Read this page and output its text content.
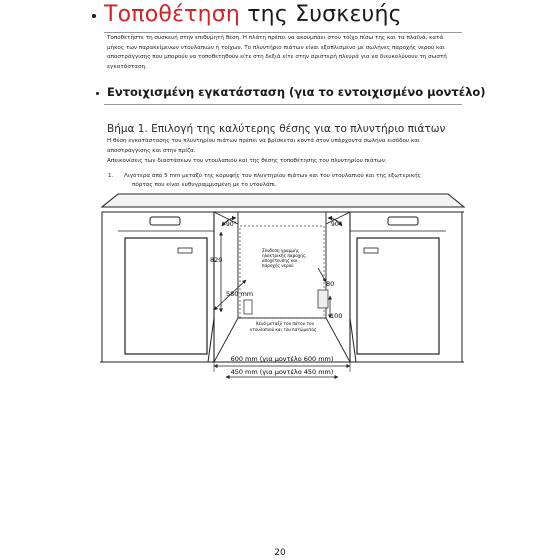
Τοποθέτηση της Συσκευής
Τοποθετήστε τη συσκευή στην επιθυμητή θέση. Η πλάτη πρέπει να ακουμπάει στον τοίχο πίσω της και τα πλαϊνά, κατά μήκος των παρακείμενων ντουλαπιών ή τοίχων. Το πλυντήριο πιάτων είναι εξοπλισμένο με σωλήνες παροχής νερού και αποστράγγισης που μπορούν να τοποθετηθούν είτε στη δεξιά είτε στην αριστερή πλευρά για να διευκολύνουν τη σωστή εγκατάσταση.
Εντοιχισμένη εγκατάσταση (για το εντοιχισμένο μοντέλο)
Βήμα 1. Επιλογή της καλύτερης θέσης για το πλυντήριο πιάτων
Η θέση εγκατάστασης του πλυντηρίου πιάτων πρέπει να βρίσκεται κοντά στον υπάρχοντα σωλήνα εισόδου και αποστράγγισης και στην πρίζα.
Απεικονίσεις των διαστάσεων του ντουλαπιού και της θέσης τοποθέτησης του πλυντηρίου πιάτων.
1. Λιγότερα από 5 mm μεταξύ της κορυφής του πλυντηρίου πιάτων και του ντουλαπιού και της εξωτερικής
πόρτας που είναι ευθυγραμμισμένη με το ντουλάπι.
90°	90°
820
580 mm
80
100
Σύνδεση γραμμής
ηλεκτρικής παροχής,
αποχέτευσης και
παροχής νερού
Κενό μεταξύ του πάτου του
ντουλαπιού και του πατώματος
600 mm (για μοντέλο 600 mm)
450 mm (για μοντέλο 450 mm)
20
